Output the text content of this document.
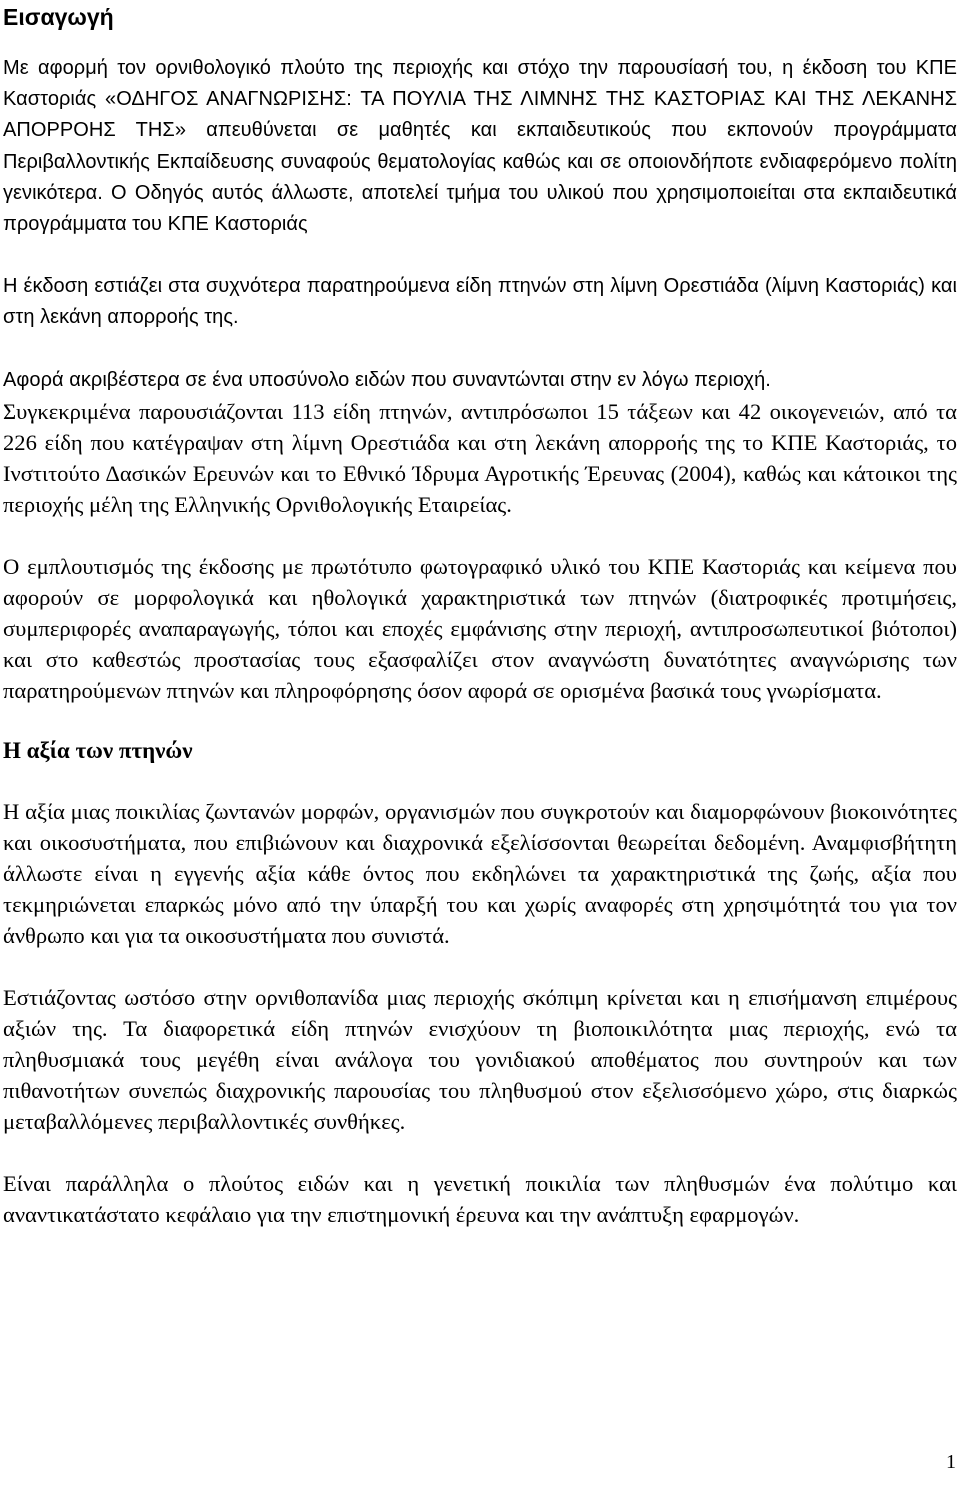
Εισαγωγή

Με αφορμή τον ορνιθολογικό πλούτο της περιοχής και στόχο την παρουσίασή του, η έκδοση του ΚΠΕ Καστοριάς «ΟΔΗΓΟΣ ΑΝΑΓΝΩΡΙΣΗΣ: ΤΑ ΠΟΥΛΙΑ ΤΗΣ ΛΙΜΝΗΣ ΤΗΣ ΚΑΣΤΟΡΙΑΣ ΚΑΙ ΤΗΣ ΛΕΚΑΝΗΣ ΑΠΟΡΡΟΗΣ ΤΗΣ» απευθύνεται σε μαθητές και εκπαιδευτικούς που εκπονούν προγράμματα Περιβαλλοντικής Εκπαίδευσης συναφούς θεματολογίας καθώς και σε οποιονδήποτε ενδιαφερόμενο πολίτη γενικότερα. Ο Οδηγός αυτός άλλωστε, αποτελεί τμήμα του υλικού που χρησιμοποιείται στα εκπαιδευτικά προγράμματα του ΚΠΕ Καστοριάς

Η έκδοση εστιάζει στα συχνότερα παρατηρούμενα είδη πτηνών στη λίμνη Ορεστιάδα (λίμνη Καστοριάς) και στη λεκάνη απορροής της.

Αφορά ακριβέστερα σε ένα υποσύνολο ειδών που συναντώνται στην εν λόγω περιοχή.

Συγκεκριμένα παρουσιάζονται 113 είδη πτηνών, αντιπρόσωποι 15 τάξεων και 42 οικογενειών, από τα 226 είδη που κατέγραψαν στη λίμνη Ορεστιάδα και στη λεκάνη απορροής της το ΚΠΕ Καστοριάς, το Ινστιτούτο Δασικών Ερευνών και το Εθνικό Ίδρυμα Αγροτικής Έρευνας (2004), καθώς και κάτοικοι της περιοχής μέλη της Ελληνικής Ορνιθολογικής Εταιρείας.

Ο εμπλουτισμός της έκδοσης με πρωτότυπο φωτογραφικό υλικό του ΚΠΕ Καστοριάς και κείμενα που αφορούν σε μορφολογικά και ηθολογικά χαρακτηριστικά των πτηνών (διατροφικές προτιμήσεις, συμπεριφορές αναπαραγωγής, τόποι και εποχές εμφάνισης στην περιοχή, αντιπροσωπευτικοί βιότοποι) και στο καθεστώς προστασίας τους εξασφαλίζει στον αναγνώστη δυνατότητες αναγνώρισης των παρατηρούμενων πτηνών και πληροφόρησης όσον αφορά σε ορισμένα βασικά τους γνωρίσματα.

Η αξία των πτηνών

Η αξία μιας ποικιλίας ζωντανών μορφών, οργανισμών που συγκροτούν και διαμορφώνουν βιοκοινότητες και οικοσυστήματα, που επιβιώνουν και διαχρονικά εξελίσσονται θεωρείται δεδομένη. Αναμφισβήτητη άλλωστε είναι η εγγενής αξία κάθε όντος που εκδηλώνει τα χαρακτηριστικά της ζωής, αξία που τεκμηριώνεται επαρκώς μόνο από την ύπαρξή του και χωρίς αναφορές στη χρησιμότητά του για τον άνθρωπο και για τα οικοσυστήματα που συνιστά.

Εστιάζοντας ωστόσο στην ορνιθοπανίδα μιας περιοχής σκόπιμη κρίνεται και η επισήμανση επιμέρους αξιών της. Τα διαφορετικά είδη πτηνών ενισχύουν τη βιοποικιλότητα μιας περιοχής, ενώ τα πληθυσμιακά τους μεγέθη είναι ανάλογα του γονιδιακού αποθέματος που συντηρούν και των πιθανοτήτων συνεπώς διαχρονικής παρουσίας του πληθυσμού στον εξελισσόμενο χώρο, στις διαρκώς μεταβαλλόμενες περιβαλλοντικές συνθήκες.

Είναι παράλληλα ο πλούτος ειδών και η γενετική ποικιλία των πληθυσμών ένα πολύτιμο και αναντικατάστατο κεφάλαιο για την επιστημονική έρευνα και την ανάπτυξη εφαρμογών.

1
